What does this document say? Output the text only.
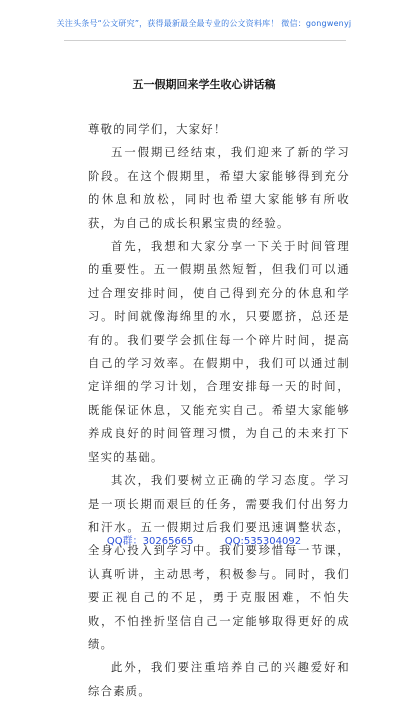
关注头条号“公文研究”，获得最新最全最专业的公文资料库！ 微信：gongwenyj
五一假期回来学生收心讲话稿

尊敬的同学们，大家好！

五一假期已经结束，我们迎来了新的学习阶段。在这个假期里，希望大家能够得到充分的休息和放松，同时也希望大家能够有所收获，为自己的成长积累宝贵的经验。

首先，我想和大家分享一下关于时间管理的重要性。五一假期虽然短暂，但我们可以通过合理安排时间，使自己得到充分的休息和学习。时间就像海绵里的水，只要愿挤，总还是有的。我们要学会抓住每一个碎片时间，提高自己的学习效率。在假期中，我们可以通过制定详细的学习计划，合理安排每一天的时间，既能保证休息，又能充实自己。希望大家能够养成良好的时间管理习惯，为自己的未来打下坚实的基础。

其次，我们要树立正确的学习态度。学习是一项长期而艰巨的任务，需要我们付出努力和汗水。五一假期过后我们要迅速调整状态，全身心投入到学习中。我们要珍惜每一节课，认真听讲，主动思考，积极参与。同时，我们要正视自己的不足，勇于克服困难，不怕失败，不怕挫折坚信自己一定能够取得更好的成绩。

此外，我们要注重培养自己的兴趣爱好和综合素质。

QQ群：30265665	QQ:535304092
